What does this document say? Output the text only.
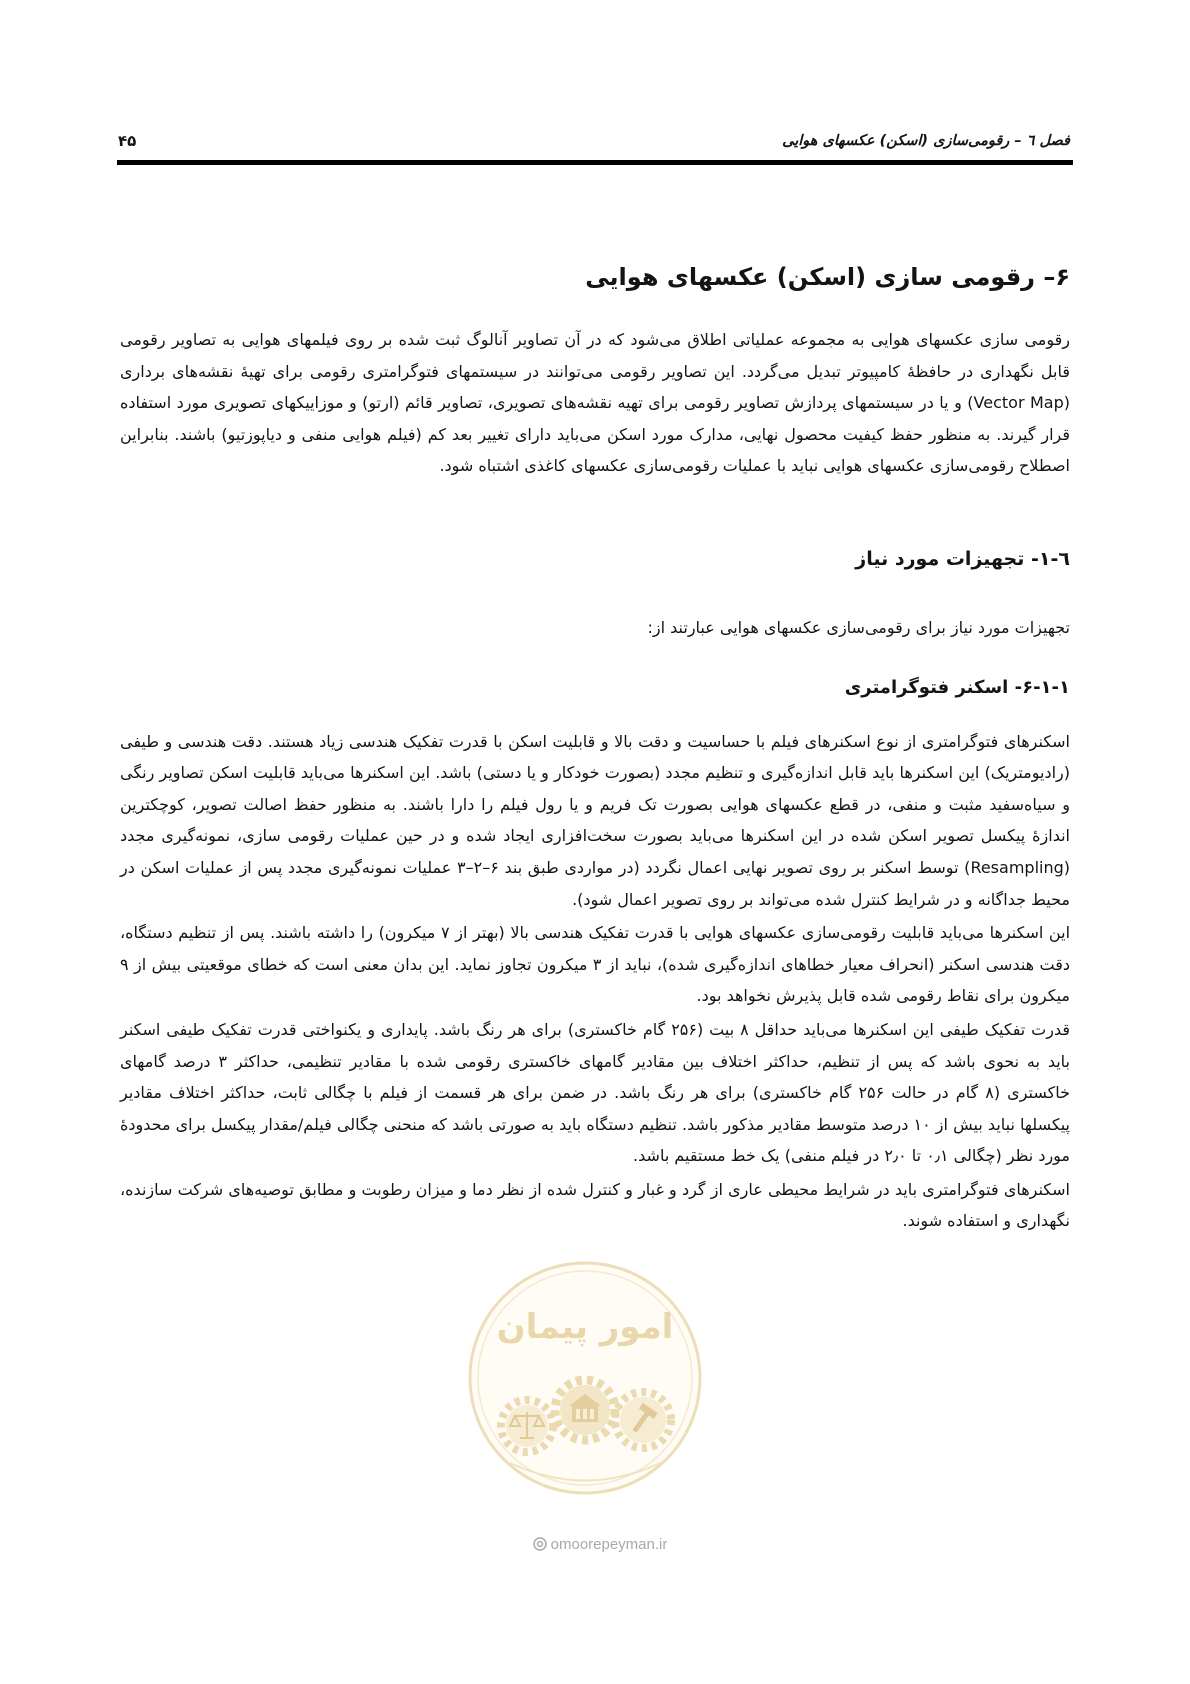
فصل ٦ – رقومی‌سازی (اسکن) عکسهای هوایی
۴۵
امور پیمان
omoorepeyman.ir
۶– رقومی سازی (اسکن) عکسهای هوایی

رقومی سازی عکسهای هوایی به مجموعه عملیاتی اطلاق می‌شود که در آن تصاویر آنالوگ ثبت شده بر روی فیلمهای هوایی به تصاویر رقومی قابل نگهداری در حافظۀ کامپیوتر تبدیل می‌گردد. این تصاویر رقومی می‌توانند در سیستمهای فتوگرامتری رقومی برای تهیۀ نقشه‌های برداری (Vector Map) و یا در سیستمهای پردازش تصاویر رقومی برای تهیه نقشه‌های تصویری، تصاویر قائم (ارتو) و موزاییکهای تصویری مورد استفاده قرار گیرند. به منظور حفظ کیفیت محصول نهایی، مدارک مورد اسکن می‌باید دارای تغییر بعد کم (فیلم هوایی منفی و دیاپوزتیو) باشند. بنابراین اصطلاح رقومی‌سازی عکسهای هوایی نباید با عملیات رقومی‌سازی عکسهای کاغذی اشتباه شود.

٦-۱- تجهیزات مورد نیاز

تجهیزات مورد نیاز برای رقومی‌سازی عکسهای هوایی عبارتند از:

۶-۱-۱- اسکنر فتوگرامتری

اسکنرهای فتوگرامتری از نوع اسکنرهای فیلم با حساسیت و دقت بالا و قابلیت اسکن با قدرت تفکیک هندسی زیاد هستند. دقت هندسی و طیفی (رادیومتریک) این اسکنرها باید قابل اندازه‌گیری و تنظیم مجدد (بصورت خودکار و یا دستی) باشد. این اسکنرها می‌باید قابلیت اسکن تصاویر رنگی و سیاه‌سفید مثبت و منفی، در قطع عکسهای هوایی بصورت تک فریم و یا رول فیلم را دارا باشند. به منظور حفظ اصالت تصویر، کوچکترین اندازۀ پیکسل تصویر اسکن شده در این اسکنرها می‌باید بصورت سخت‌افزاری ایجاد شده و در حین عملیات رقومی سازی، نمونه‌گیری مجدد (Resampling) توسط اسکنر بر روی تصویر نهایی اعمال نگردد (در مواردی طبق بند ۶–۲–۳ عملیات نمونه‌گیری مجدد پس از عملیات اسکن در محیط جداگانه و در شرایط کنترل شده می‌تواند بر روی تصویر اعمال شود).

این اسکنرها می‌باید قابلیت رقومی‌سازی عکسهای هوایی با قدرت تفکیک هندسی بالا (بهتر از ۷ میکرون) را داشته باشند. پس از تنظیم دستگاه، دقت هندسی اسکنر (انحراف معیار خطاهای اندازه‌گیری شده)، نباید از ۳ میکرون تجاوز نماید. این بدان معنی است که خطای موقعیتی بیش از ۹ میکرون برای نقاط رقومی شده قابل پذیرش نخواهد بود.

قدرت تفکیک طیفی این اسکنرها می‌باید حداقل ۸ بیت (۲۵۶ گام خاکستری) برای هر رنگ باشد. پایداری و یکنواختی قدرت تفکیک طیفی اسکنر باید به نحوی باشد که پس از تنظیم، حداکثر اختلاف بین مقادیر گامهای خاکستری رقومی شده با مقادیر تنظیمی، حداکثر ۳ درصد گامهای خاکستری (۸ گام در حالت ۲۵۶ گام خاکستری) برای هر رنگ باشد. در ضمن برای هر قسمت از فیلم با چگالی ثابت، حداکثر اختلاف مقادیر پیکسلها نباید بیش از ۱۰ درصد متوسط مقادیر مذکور باشد. تنظیم دستگاه باید به صورتی باشد که منحنی چگالی فیلم/مقدار پیکسل برای محدودۀ مورد نظر (چگالی ۰٫۱ تا ۲٫۰ در فیلم منفی) یک خط مستقیم باشد.

اسکنرهای فتوگرامتری باید در شرایط محیطی عاری از گرد و غبار و کنترل شده از نظر دما و میزان رطوبت و مطابق توصیه‌های شرکت سازنده، نگهداری و استفاده شوند.
